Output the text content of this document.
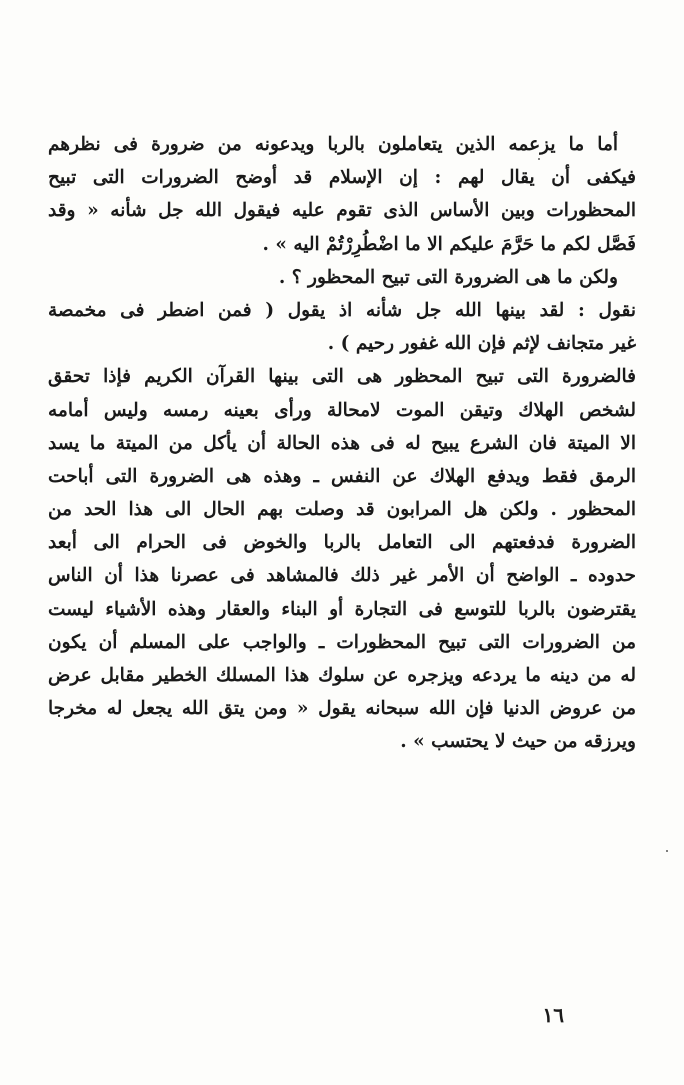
أما ما يزعمه الذين يتعاملون بالربا ويدعونه من ضرورة فى نظرهم
فيكفى أن يقال لهم : إن الإسلام قد أوضح الضرورات التى تبيح
المحظورات وبين الأساس الذى تقوم عليه فيقول الله جل شأنه « وقد
فَصَّل لكم ما حَرَّمَ عليكم الا ما اضْطُرِرْتُمْ اليه » .
ولكن ما هى الضرورة التى تبيح المحظور ؟ .
نقول : لقد بينها الله جل شأنه اذ يقول ( فمن اضطر فى مخمصة
غير متجانف لإثم فإن الله غفور رحيم ) .
فالضرورة التى تبيح المحظور هى التى بينها القرآن الكريم فإذا تحقق
لشخص الهلاك وتيقن الموت لامحالة ورأى بعينه رمسه وليس أمامه
الا الميتة فان الشرع يبيح له فى هذه الحالة أن يأكل من الميتة ما يسد
الرمق فقط ويدفع الهلاك عن النفس ـ وهذه هى الضرورة التى أباحت
المحظور . ولكن هل المرابون قد وصلت بهم الحال الى هذا الحد من
الضرورة فدفعتهم الى التعامل بالربا والخوض فى الحرام الى أبعد
حدوده ـ الواضح أن الأمر غير ذلك فالمشاهد فى عصرنا هذا أن الناس
يقترضون بالربا للتوسع فى التجارة أو البناء والعقار وهذه الأشياء ليست
من الضرورات التى تبيح المحظورات ـ والواجب على المسلم أن يكون
له من دينه ما يردعه ويزجره عن سلوك هذا المسلك الخطير مقابل عرض
من عروض الدنيا فإن الله سبحانه يقول « ومن يتق الله يجعل له مخرجا
ويرزقه من حيث لا يحتسب » .
١٦
